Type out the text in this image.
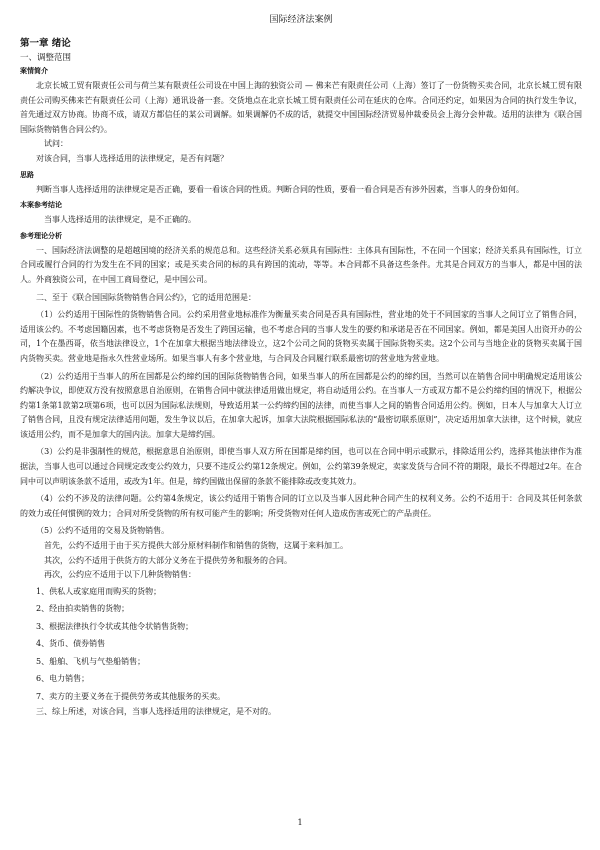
国际经济法案例
第一章 绪论
一、调整范围
案情简介

北京长城工贸有限责任公司与荷兰某有限责任公司设在中国上海的独资公司 — 佛来芒有限责任公司（上海）签订了一份货物买卖合同，北京长城工贸有限责任公司购买佛来芒有限责任公司（上海）通讯设备一套。交货地点在北京长城工贸有限责任公司在延庆的仓库。合同还约定，如果因为合同的执行发生争议，首先通过双方协商。协商不成，请双方都信任的某公司调解。如果调解仍不成的话，就提交中国国际经济贸易仲裁委员会上海分会仲裁。适用的法律为《联合国国际货物销售合同公约》。

试问：

对该合同，当事人选择适用的法律规定，是否有问题？

思路

判断当事人选择适用的法律规定是否正确，要看一看该合同的性质。判断合同的性质，要看一看合同是否有涉外因素，当事人的身份如何。

本案参考结论

当事人选择适用的法律规定，是不正确的。

参考理论分析

一、国际经济法调整的是超越国境的经济关系的规范总和。这些经济关系必须具有国际性：主体具有国际性，不在同一个国家；经济关系具有国际性，订立合同或履行合同的行为发生在不同的国家；或是买卖合同的标的具有跨国的流动，等等。本合同都不具备这些条件。尤其是合同双方的当事人，都是中国的法人。外商独资公司，在中国工商局登记，是中国公司。

二、至于《联合国国际货物销售合同公约》，它的适用范围是：

（1）公约适用于国际性的货物销售合同。公约采用营业地标准作为衡量买卖合同是否具有国际性，营业地的处于不同国家的当事人之间订立了销售合同，适用该公约。不考虑国籍因素，也不考虑货物是否发生了跨国运输，也不考虑合同的当事人发生的要约和承诺是否在不同国家。例如，都是美国人出资开办的公司，1个在墨西哥，依当地法律设立，1个在加拿大根据当地法律设立，这2个公司之间的货物买卖属于国际货物买卖。这2个公司与当地企业的货物买卖属于国内货物买卖。营业地是指永久性营业场所。如果当事人有多个营业地，与合同及合同履行联系最密切的营业地为营业地。

（2）公约适用于当事人的所在国都是公约缔约国的国际货物销售合同，如果当事人的所在国都是公约的缔约国，当然可以在销售合同中明确规定适用该公约解决争议，即使双方没有按照意思自治原则，在销售合同中就法律适用做出规定，将自动适用公约。在当事人一方或双方都不是公约缔约国的情况下，根据公约第1条第1款第2项第6项，也可以因为国际私法规则，导致适用某一公约缔约国的法律，而使当事人之间的销售合同适用公约。例如，日本人与加拿大人订立了销售合同，且没有规定法律适用问题，发生争议以后，在加拿大起诉，加拿大法院根据国际私法的“最密切联系原则”，决定适用加拿大法律，这个时候，就应该适用公约，而不是加拿大的国内法。加拿大是缔约国。

（3）公约是非强制性的规范，根据意思自治原则，即使当事人双方所在国都是缔约国，也可以在合同中明示或默示，排除适用公约，选择其他法律作为准据法，当事人也可以通过合同规定改变公约效力，只要不违反公约第12条规定。例如，公约第39条规定，卖家发货与合同不符的期限，最长不得超过2年。在合同中可以声明该条款不适用，或改为1年。但是，缔约国做出保留的条款不能排除或改变其效力。

（4）公约不涉及的法律问题。公约第4条规定，该公约适用于销售合同的订立以及当事人因此种合同产生的权利义务。公约不适用于：合同及其任何条款的效力或任何惯例的效力；合同对所受货物的所有权可能产生的影响；所受货物对任何人造成伤害或死亡的产品责任。

（5）公约不适用的交易及货物销售。

首先，公约不适用于由于买方提供大部分原材料制作和销售的货物，这属于来料加工。

其次，公约不适用于供货方的大部分义务在于提供劳务和服务的合同。

再次，公约应不适用于以下几种货物销售：

1、供私人或家庭用而购买的货物；
2、经由拍卖销售的货物；
3、根据法律执行令状或其他令状销售货物；
4、货币、债券销售
5、船舶、飞机与气垫船销售；
6、电力销售；
7、卖方的主要义务在于提供劳务或其他服务的买卖。

三、综上所述，对该合同，当事人选择适用的法律规定，是不对的。

1
